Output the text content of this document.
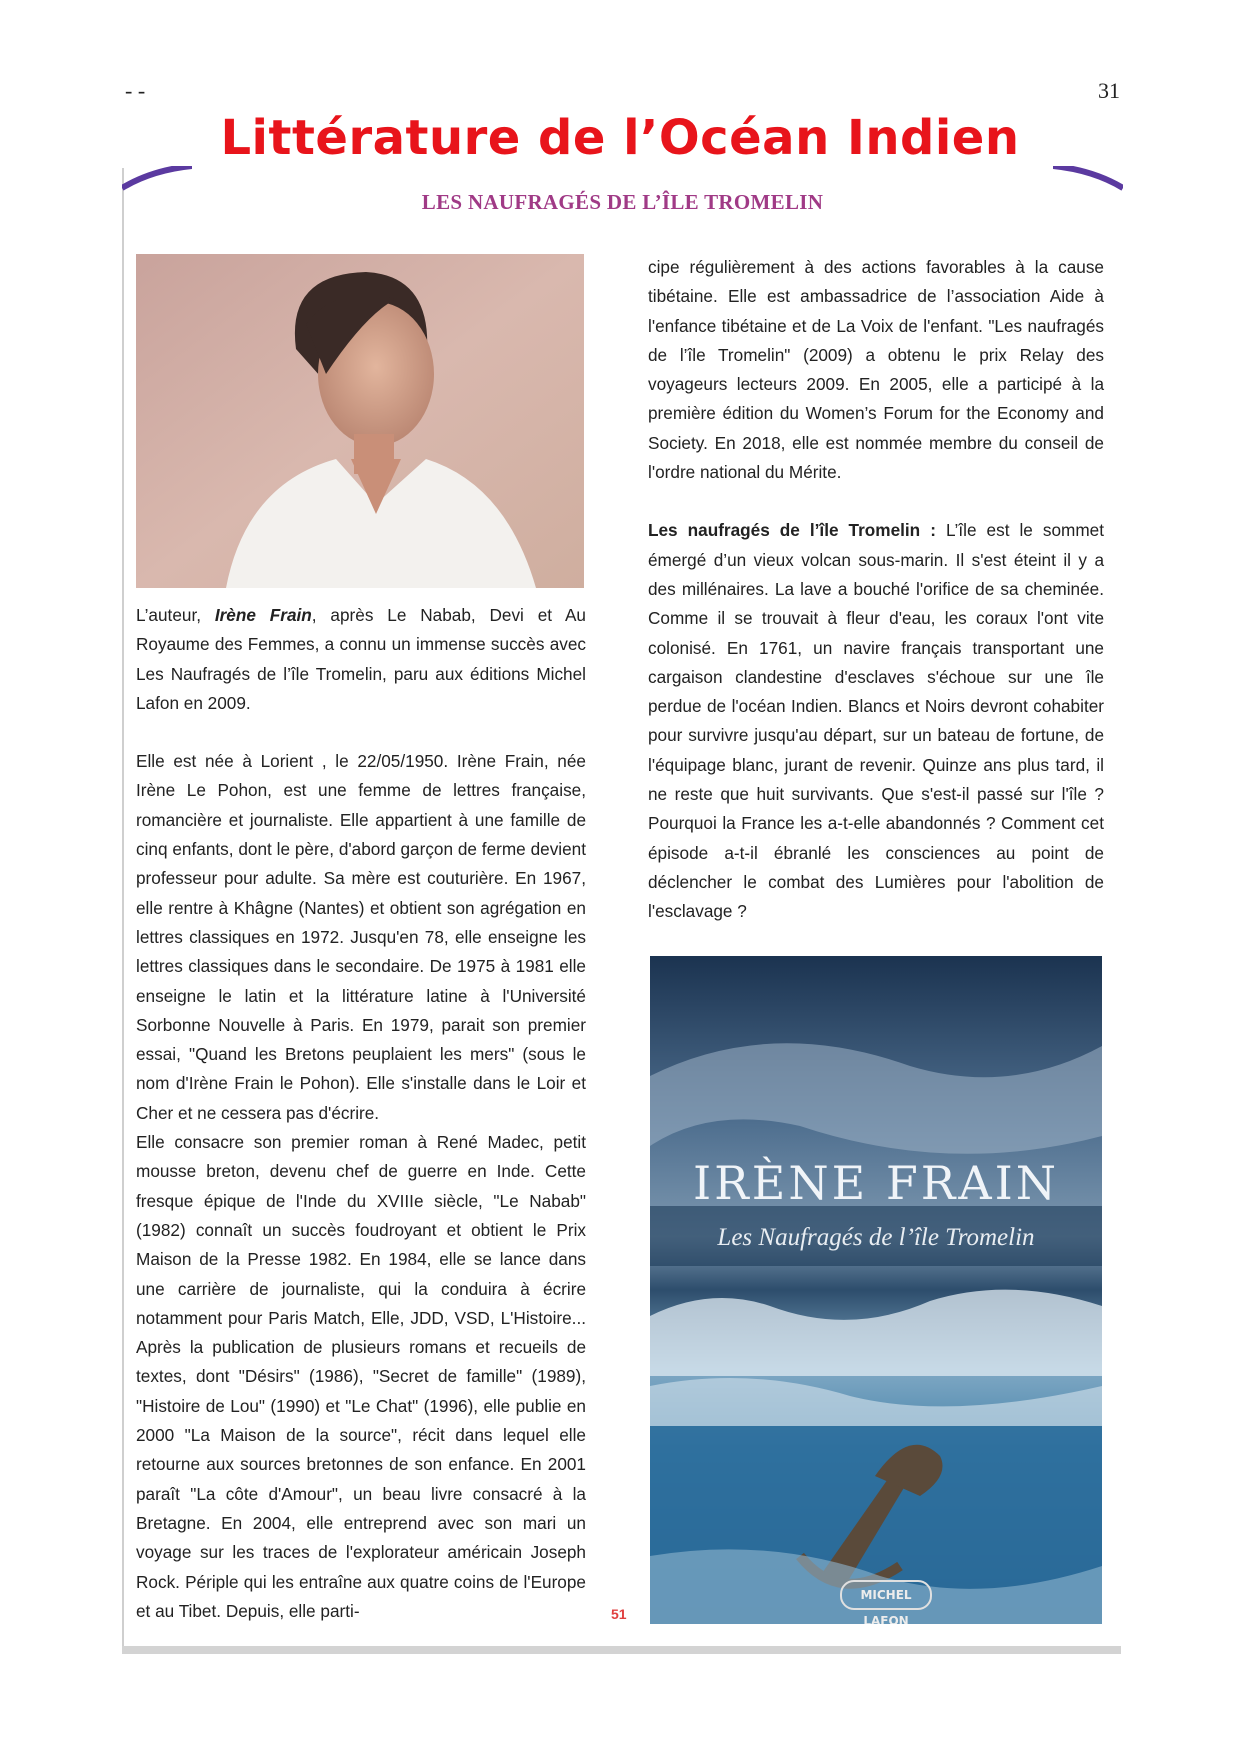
- -	31
Littérature de l’Océan Indien
LES NAUFRAGÉS DE L’ÎLE TROMELIN

L’auteur, Irène Frain, après Le Nabab, Devi et Au Royaume des Femmes, a connu un immense succès avec Les Naufragés de l’île Tromelin, paru aux éditions Michel Lafon en 2009.

Elle est née à Lorient , le 22/05/1950. Irène Frain, née Irène Le Pohon, est une femme de lettres française, romancière et journaliste. Elle appartient à une famille de cinq enfants, dont le père, d'abord garçon de ferme devient professeur pour adulte. Sa mère est couturière. En 1967, elle rentre à Khâgne (Nantes) et obtient son agrégation en lettres classiques en 1972. Jusqu'en 78, elle enseigne les lettres classiques dans le secondaire. De 1975 à 1981 elle enseigne le latin et la littérature latine à l'Université Sorbonne Nouvelle à Paris. En 1979, parait son premier essai, "Quand les Bretons peuplaient les mers" (sous le nom d'Irène Frain le Pohon). Elle s'installe dans le Loir et Cher et ne cessera pas d'écrire.

Elle consacre son premier roman à René Madec, petit mousse breton, devenu chef de guerre en Inde. Cette fresque épique de l'Inde du XVIIIe siècle, "Le Nabab" (1982) connaît un succès foudroyant et obtient le Prix Maison de la Presse 1982. En 1984, elle se lance dans une carrière de journaliste, qui la conduira à écrire notamment pour Paris Match, Elle, JDD, VSD, L'Histoire... Après la publication de plusieurs romans et recueils de textes, dont "Désirs" (1986), "Secret de famille" (1989), "Histoire de Lou" (1990) et "Le Chat" (1996), elle publie en 2000 "La Maison de la source", récit dans lequel elle retourne aux sources bretonnes de son enfance. En 2001 paraît "La côte d'Amour", un beau livre consacré à la Bretagne. En 2004, elle entreprend avec son mari un voyage sur les traces de l'explorateur américain Joseph Rock. Périple qui les entraîne aux quatre coins de l'Europe et au Tibet. Depuis, elle parti-

cipe régulièrement à des actions favorables à la cause tibétaine. Elle est ambassadrice de l’association Aide à l'enfance tibétaine et de La Voix de l'enfant. "Les naufragés de l’île Tromelin" (2009) a obtenu le prix Relay des voyageurs lecteurs 2009. En 2005, elle a participé à la première édition du Women’s Forum for the Economy and Society. En 2018, elle est nommée membre du conseil de l'ordre national du Mérite.

Les naufragés de l’île Tromelin : L’île est le sommet émergé d’un vieux volcan sous-marin. Il s'est éteint il y a des millénaires. La lave a bouché l'orifice de sa cheminée. Comme il se trouvait à fleur d'eau, les coraux l'ont vite colonisé. En 1761, un navire français transportant une cargaison clandestine d'esclaves s'échoue sur une île perdue de l'océan Indien. Blancs et Noirs devront cohabiter pour survivre jusqu'au départ, sur un bateau de fortune, de l'équipage blanc, jurant de revenir. Quinze ans plus tard, il ne reste que huit survivants. Que s'est-il passé sur l'île ? Pourquoi la France les a-t-elle abandonnés ? Comment cet épisode a-t-il ébranlé les consciences au point de déclencher le combat des Lumières pour l'abolition de l'esclavage ?

IRÈNE FRAIN
Les Naufragés de l’île Tromelin
MICHEL LAFON
51
